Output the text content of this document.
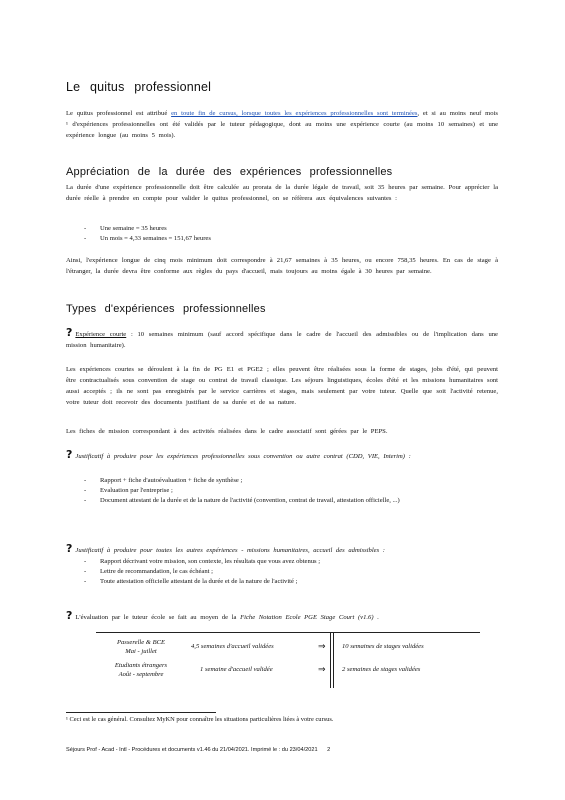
Le quitus professionnel

Le quitus professionnel est attribué en toute fin de cursus, lorsque toutes les expériences professionnelles sont terminées, et si au moins neuf mois ¹ d'expériences professionnelles ont été validés par le tuteur pédagogique, dont au moins une expérience courte (au moins 10 semaines) et une expérience longue (au moins 5 mois).

Appréciation de la durée des expériences professionnelles

La durée d'une expérience professionnelle doit être calculée au prorata de la durée légale de travail, soit 35 heures par semaine. Pour apprécier la durée réelle à prendre en compte pour valider le quitus professionnel, on se réfèrera aux équivalences suivantes :

- Une semaine = 35 heures
- Un mois = 4,33 semaines = 151,67 heures

Ainsi, l'expérience longue de cinq mois minimum doit correspondre à 21,67 semaines à 35 heures, ou encore 758,35 heures. En cas de stage à l'étranger, la durée devra être conforme aux règles du pays d'accueil, mais toujours au moins égale à 30 heures par semaine.

Types d'expériences professionnelles

? Expérience courte : 10 semaines minimum (sauf accord spécifique dans le cadre de l'accueil des admissibles ou de l'implication dans une mission humanitaire).

Les expériences courtes se déroulent à la fin de PG E1 et PGE2 ; elles peuvent être réalisées sous la forme de stages, jobs d'été, qui peuvent être contractualisés sous convention de stage ou contrat de travail classique. Les séjours linguistiques, écoles d'été et les missions humanitaires sont aussi acceptés ; ils ne sont pas enregistrés par le service carrières et stages, mais seulement par votre tuteur. Quelle que soit l'activité retenue, votre tuteur doit recevoir des documents justifiant de sa durée et de sa nature.

Les fiches de mission correspondant à des activités réalisées dans le cadre associatif sont gérées par le PEPS.

? Justificatif à produire pour les expériences professionnelles sous convention ou autre contrat (CDD, VIE, Interim) :

- Rapport + fiche d'autoévaluation + fiche de synthèse ;
- Evaluation par l'entreprise ;
- Document attestant de la durée et de la nature de l'activité (convention, contrat de travail, attestation officielle, ...)

? Justificatif à produire pour toutes les autres expériences - missions humanitaires, accueil des admissibles :

- Rapport décrivant votre mission, son contexte, les résultats que vous avez obtenus ;
- Lettre de recommandation, le cas échéant ;
- Toute attestation officielle attestant de la durée et de la nature de l'activité ;

? L'évaluation par le tuteur école se fait au moyen de la Fiche Notation Ecole PGE Stage Court (v1.6) .

Passerelle & BCE
Mai - juillet
4,5 semaines d'accueil validées	⇒ 10 semaines de stages validées
Etudiants étrangers
Août - septembre
1 semaine d'accueil validée	⇒ 2 semaines de stages validées

¹ Ceci est le cas général. Consultez MyKN pour connaître les situations particulières liées à votre cursus.

Séjours Prof - Acad - Intl - Procédures et documents v1.46 du 21/04/2021. Imprimé le : du 23/04/2021 2
